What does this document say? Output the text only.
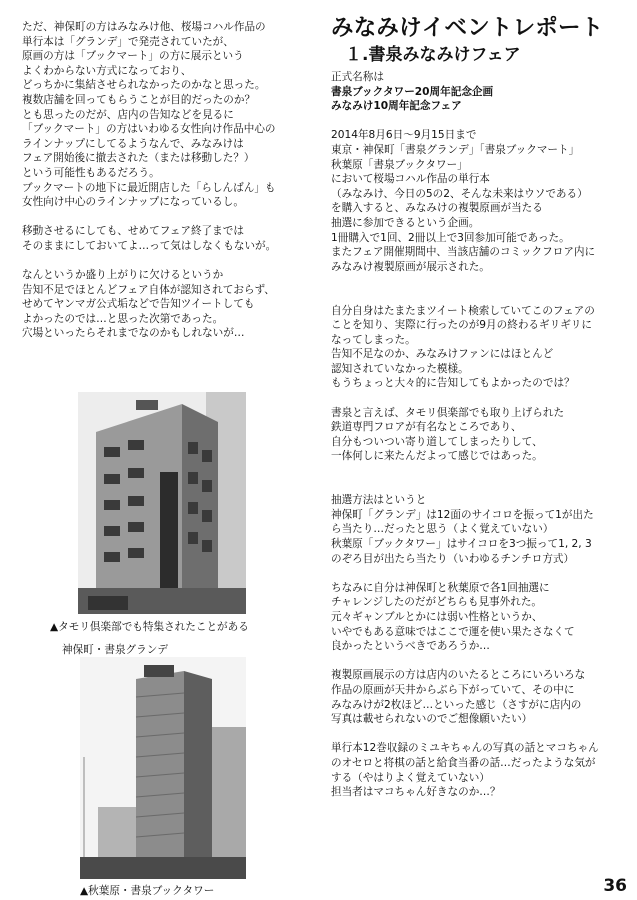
ただ、神保町の方はみなみけ他、桜場コハル作品の
単行本は「グランデ」で発売されていたが、
原画の方は「ブックマート」の方に展示という
よくわからない方式になっており、
どっちかに集結させられなかったのかなと思った。
複数店舗を回ってもらうことが目的だったのか？
とも思ったのだが、店内の告知などを見るに
「ブックマート」の方はいわゆる女性向け作品中心の
ラインナップにしてるようなんで、みなみけは
フェア開始後に撤去された（または移動した？）
という可能性もあるだろう。
ブックマートの地下に最近開店した「らしんばん」も
女性向け中心のラインナップになっているし。
移動させるにしても、せめてフェア終了までは
そのままにしておいてよ…って気はしなくもないが。
なんというか盛り上がりに欠けるというか
告知不足でほとんどフェア自体が認知されておらず、
せめてヤンマガ公式垢などで告知ツイートしても
よかったのでは…と思った次第であった。
穴場といったらそれまでなのかもしれないが…
▲タモリ倶楽部でも特集されたことがある
神保町・書泉グランデ
▲秋葉原・書泉ブックタワー
みなみけイベントレポート
１.書泉みなみけフェア
正式名称は
書泉ブックタワー20周年記念企画
みなみけ10周年記念フェア
2014年8月6日～9月15日まで
東京・神保町「書泉グランデ」「書泉ブックマート」
秋葉原「書泉ブックタワー」
において桜場コハル作品の単行本
（みなみけ、今日の5の2、そんな未来はウソである）
を購入すると、みなみけの複製原画が当たる
抽選に参加できるという企画。
1冊購入で1回、2冊以上で3回参加可能であった。
またフェア開催期間中、当該店舗のコミックフロア内に
みなみけ複製原画が展示された。
自分自身はたまたまツイート検索していてこのフェアの
ことを知り、実際に行ったのが9月の終わるギリギリに
なってしまった。
告知不足なのか、みなみけファンにはほとんど
認知されていなかった模様。
もうちょっと大々的に告知してもよかったのでは？
書泉と言えば、タモリ倶楽部でも取り上げられた
鉄道専門フロアが有名なところであり、
自分もついつい寄り道してしまったりして、
一体何しに来たんだよって感じではあった。
抽選方法はというと
神保町「グランデ」は12面のサイコロを振って1が出た
ら当たり…だったと思う（よく覚えていない）
秋葉原「ブックタワー」はサイコロを3つ振って1, 2, 3
のぞろ目が出たら当たり（いわゆるチンチロ方式）
ちなみに自分は神保町と秋葉原で各1回抽選に
チャレンジしたのだがどちらも見事外れた。
元々ギャンブルとかには弱い性格というか、
いやでもある意味ではここで運を使い果たさなくて
良かったというべきであろうか…
複製原画展示の方は店内のいたるところにいろいろな
作品の原画が天井からぶら下がっていて、その中に
みなみけが2枚ほど…といった感じ（さすがに店内の
写真は載せられないのでご想像願いたい）
単行本12巻収録のミユキちゃんの写真の話とマコちゃん
のオセロと将棋の話と給食当番の話…だったような気が
する（やはりよく覚えていない）
担当者はマコちゃん好きなのか…？
36
